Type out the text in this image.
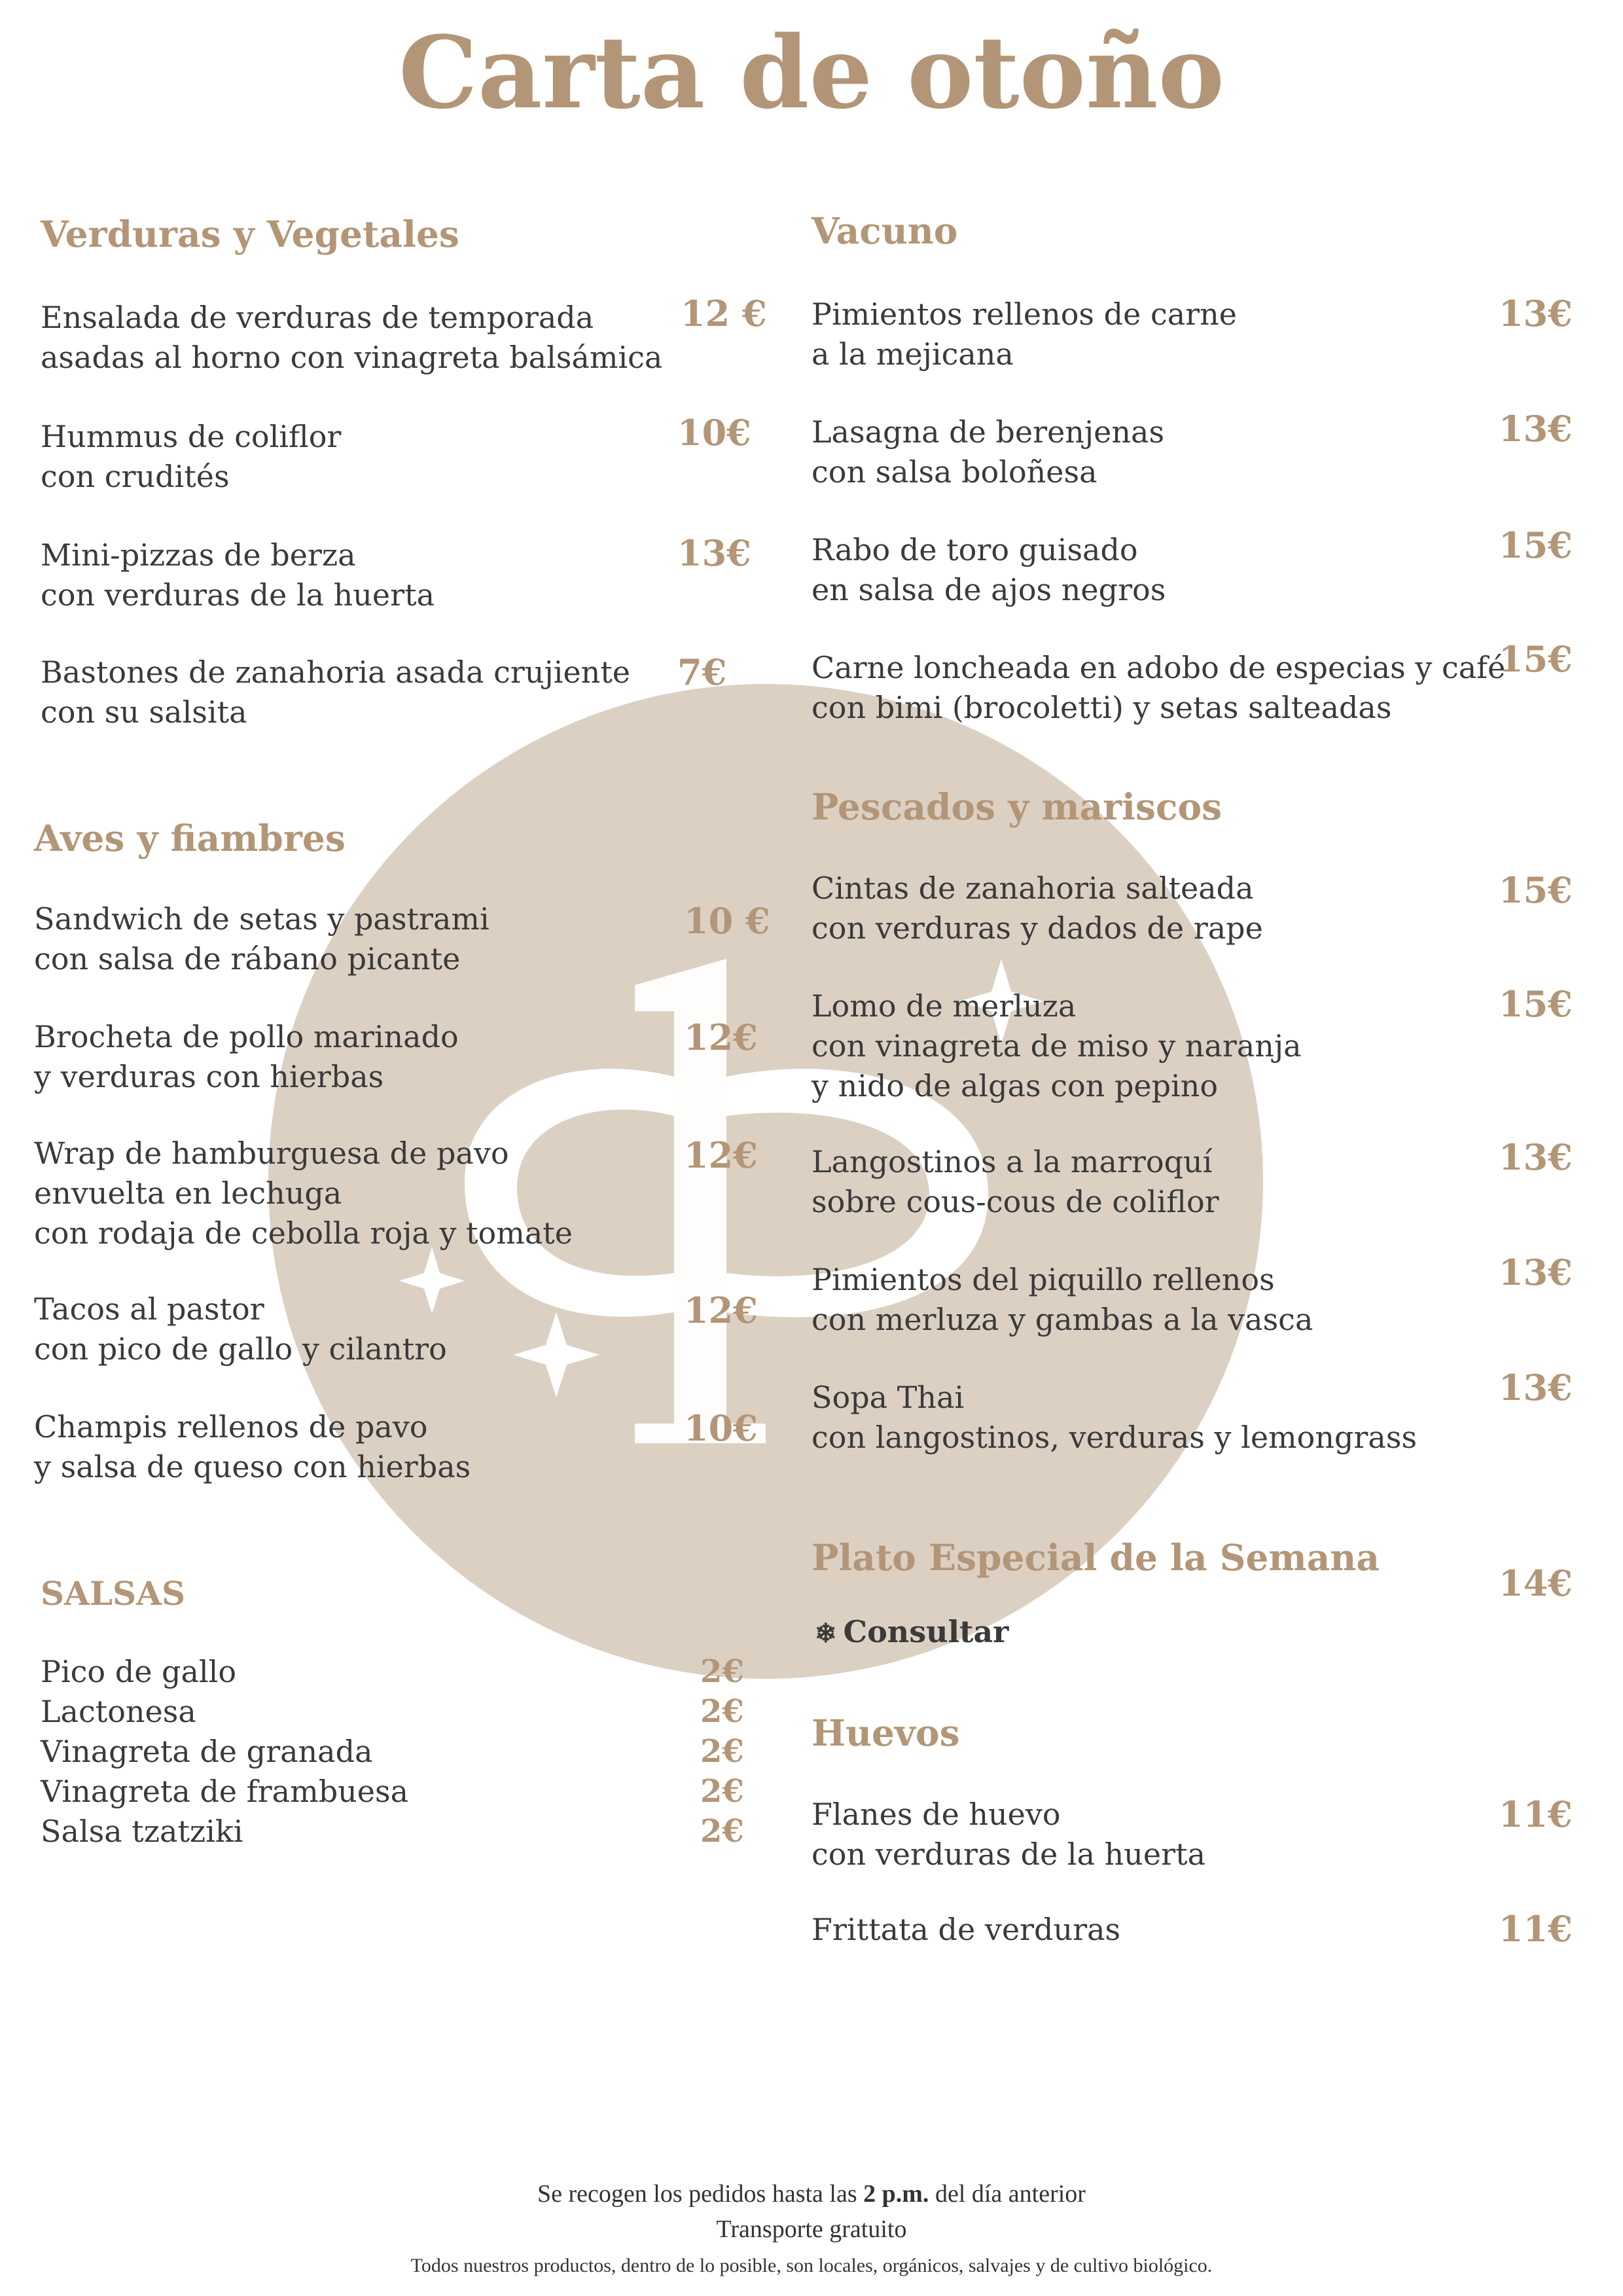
Carta de otoño
Verduras y Vegetales
Ensalada de verduras de temporada
asadas al horno con vinagreta balsámica
12 €
Hummus de coliflor
con crudités
10€
Mini-pizzas de berza
con verduras de la huerta
13€
Bastones de zanahoria asada crujiente
con su salsita
7€
Aves y fiambres
Sandwich de setas y pastrami
con salsa de rábano picante
10 €
Brocheta de pollo marinado
y verduras con hierbas
12€
Wrap de hamburguesa de pavo
envuelta en lechuga
con rodaja de cebolla roja y tomate
12€
Tacos al pastor
con pico de gallo y cilantro
12€
Champis rellenos de pavo
y salsa de queso con hierbas
10€
SALSAS
Pico de gallo
Lactonesa
Vinagreta de granada
Vinagreta de frambuesa
Salsa tzatziki
2€
2€
2€
2€
2€
Vacuno
Pimientos rellenos de carne
a la mejicana
13€
Lasagna de berenjenas
con salsa boloñesa
13€
Rabo de toro guisado
en salsa de ajos negros
15€
Carne loncheada en adobo de especias y café
con bimi (brocoletti) y setas salteadas
15€
Pescados y mariscos
Cintas de zanahoria salteada
con verduras y dados de rape
15€
Lomo de merluza
con vinagreta de miso y naranja
y nido de algas con pepino
15€
Langostinos a la marroquí
sobre cous-cous de coliflor
13€
Pimientos del piquillo rellenos
con merluza y gambas a la vasca
13€
Sopa Thai
con langostinos, verduras y lemongrass
13€
Plato Especial de la Semana
14€
❄ Consultar
Huevos
Flanes de huevo
con verduras de la huerta
11€
Frittata de verduras	11€
Se recogen los pedidos hasta las 2 p.m. del día anterior
Transporte gratuito
Todos nuestros productos, dentro de lo posible, son locales, orgánicos, salvajes y de cultivo biológico.
